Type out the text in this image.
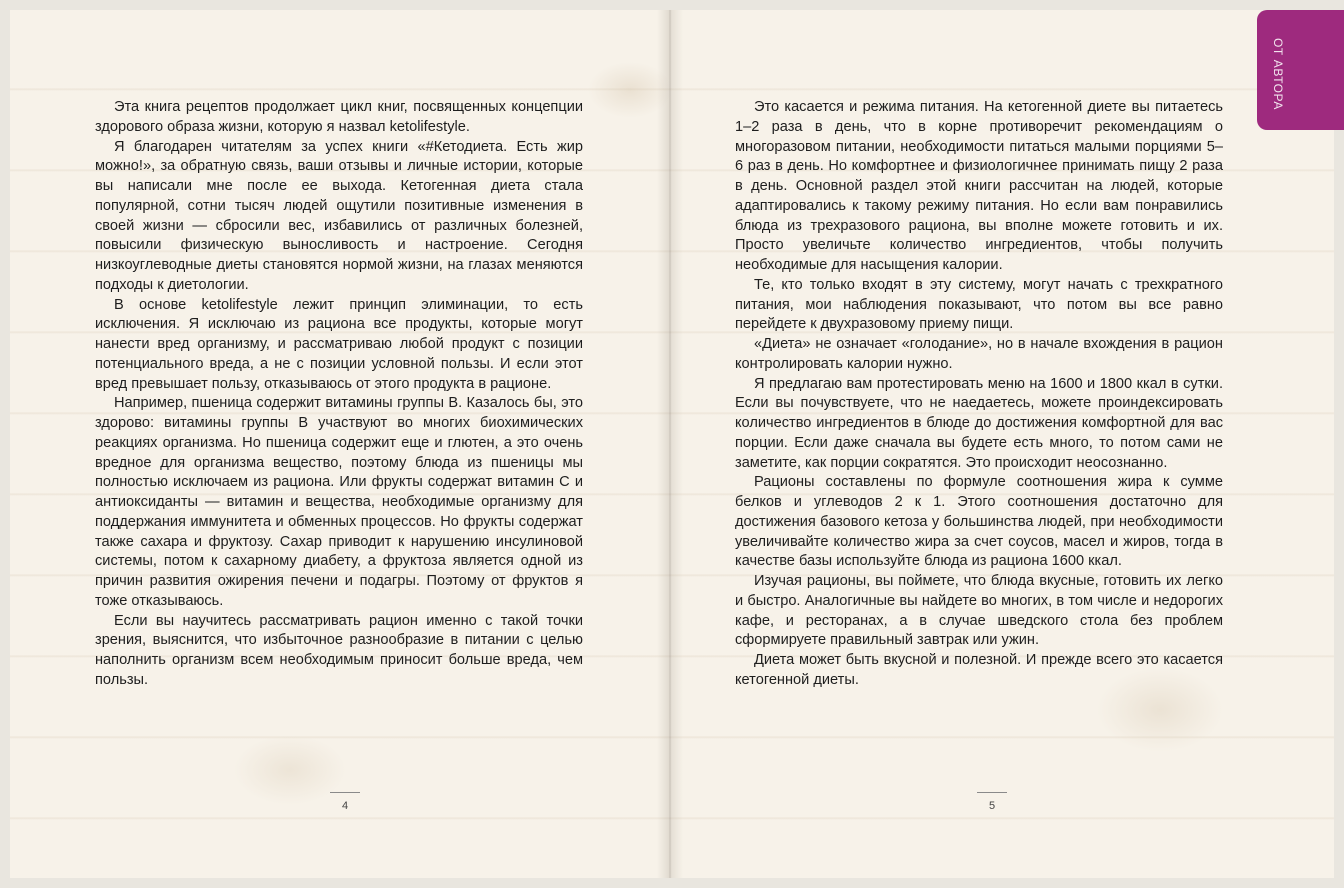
Эта книга рецептов продолжает цикл книг, посвященных концепции здорового образа жизни, которую я назвал ketolifestyle.

Я благодарен читателям за успех книги «#Кетодиета. Есть жир можно!», за обратную связь, ваши отзывы и личные истории, которые вы написали мне после ее выхода. Кетогенная диета стала популярной, сотни тысяч людей ощутили позитивные изменения в своей жизни — сбросили вес, избавились от различных болезней, повысили физическую выносливость и настроение. Сегодня низкоуглеводные диеты становятся нормой жизни, на глазах меняются подходы к диетологии.

В основе ketolifestyle лежит принцип элиминации, то есть исключения. Я исключаю из рациона все продукты, которые могут нанести вред организму, и рассматриваю любой продукт с позиции потенциального вреда, а не с позиции условной пользы. И если этот вред превышает пользу, отказываюсь от этого продукта в рационе.

Например, пшеница содержит витамины группы В. Казалось бы, это здорово: витамины группы В участвуют во многих биохимических реакциях организма. Но пшеница содержит еще и глютен, а это очень вредное для организма вещество, поэтому блюда из пшеницы мы полностью исключаем из рациона. Или фрукты содержат витамин С и антиоксиданты — витамин и вещества, необходимые организму для поддержания иммунитета и обменных процессов. Но фрукты содержат также сахара и фруктозу. Сахар приводит к нарушению инсулиновой системы, потом к сахарному диабету, а фруктоза является одной из причин развития ожирения печени и подагры. Поэтому от фруктов я тоже отказываюсь.

Если вы научитесь рассматривать рацион именно с такой точки зрения, выяснится, что избыточное разнообразие в питании с целью наполнить организм всем необходимым приносит больше вреда, чем пользы.

4

Это касается и режима питания. На кетогенной диете вы питаетесь 1–2 раза в день, что в корне противоречит рекомендациям о многоразовом питании, необходимости питаться малыми порциями 5–6 раз в день. Но комфортнее и физиологичнее принимать пищу 2 раза в день. Основной раздел этой книги рассчитан на людей, которые адаптировались к такому режиму питания. Но если вам понравились блюда из трехразового рациона, вы вполне можете готовить и их. Просто увеличьте количество ингредиентов, чтобы получить необходимые для насыщения калории.

Те, кто только входят в эту систему, могут начать с трехкратного питания, мои наблюдения показывают, что потом вы все равно перейдете к двухразовому приему пищи.

«Диета» не означает «голодание», но в начале вхождения в рацион контролировать калории нужно.

Я предлагаю вам протестировать меню на 1600 и 1800 ккал в сутки. Если вы почувствуете, что не наедаетесь, можете проиндексировать количество ингредиентов в блюде до достижения комфортной для вас порции. Если даже сначала вы будете есть много, то потом сами не заметите, как порции сократятся. Это происходит неосознанно.

Рационы составлены по формуле соотношения жира к сумме белков и углеводов 2 к 1. Этого соотношения достаточно для достижения базового кетоза у большинства людей, при необходимости увеличивайте количество жира за счет соусов, масел и жиров, тогда в качестве базы используйте блюда из рациона 1600 ккал.

Изучая рационы, вы поймете, что блюда вкусные, готовить их легко и быстро. Аналогичные вы найдете во многих, в том числе и недорогих кафе, и ресторанах, а в случае шведского стола без проблем сформируете правильный завтрак или ужин.

Диета может быть вкусной и полезной. И прежде всего это касается кетогенной диеты.

5
ОТ АВТОРА
